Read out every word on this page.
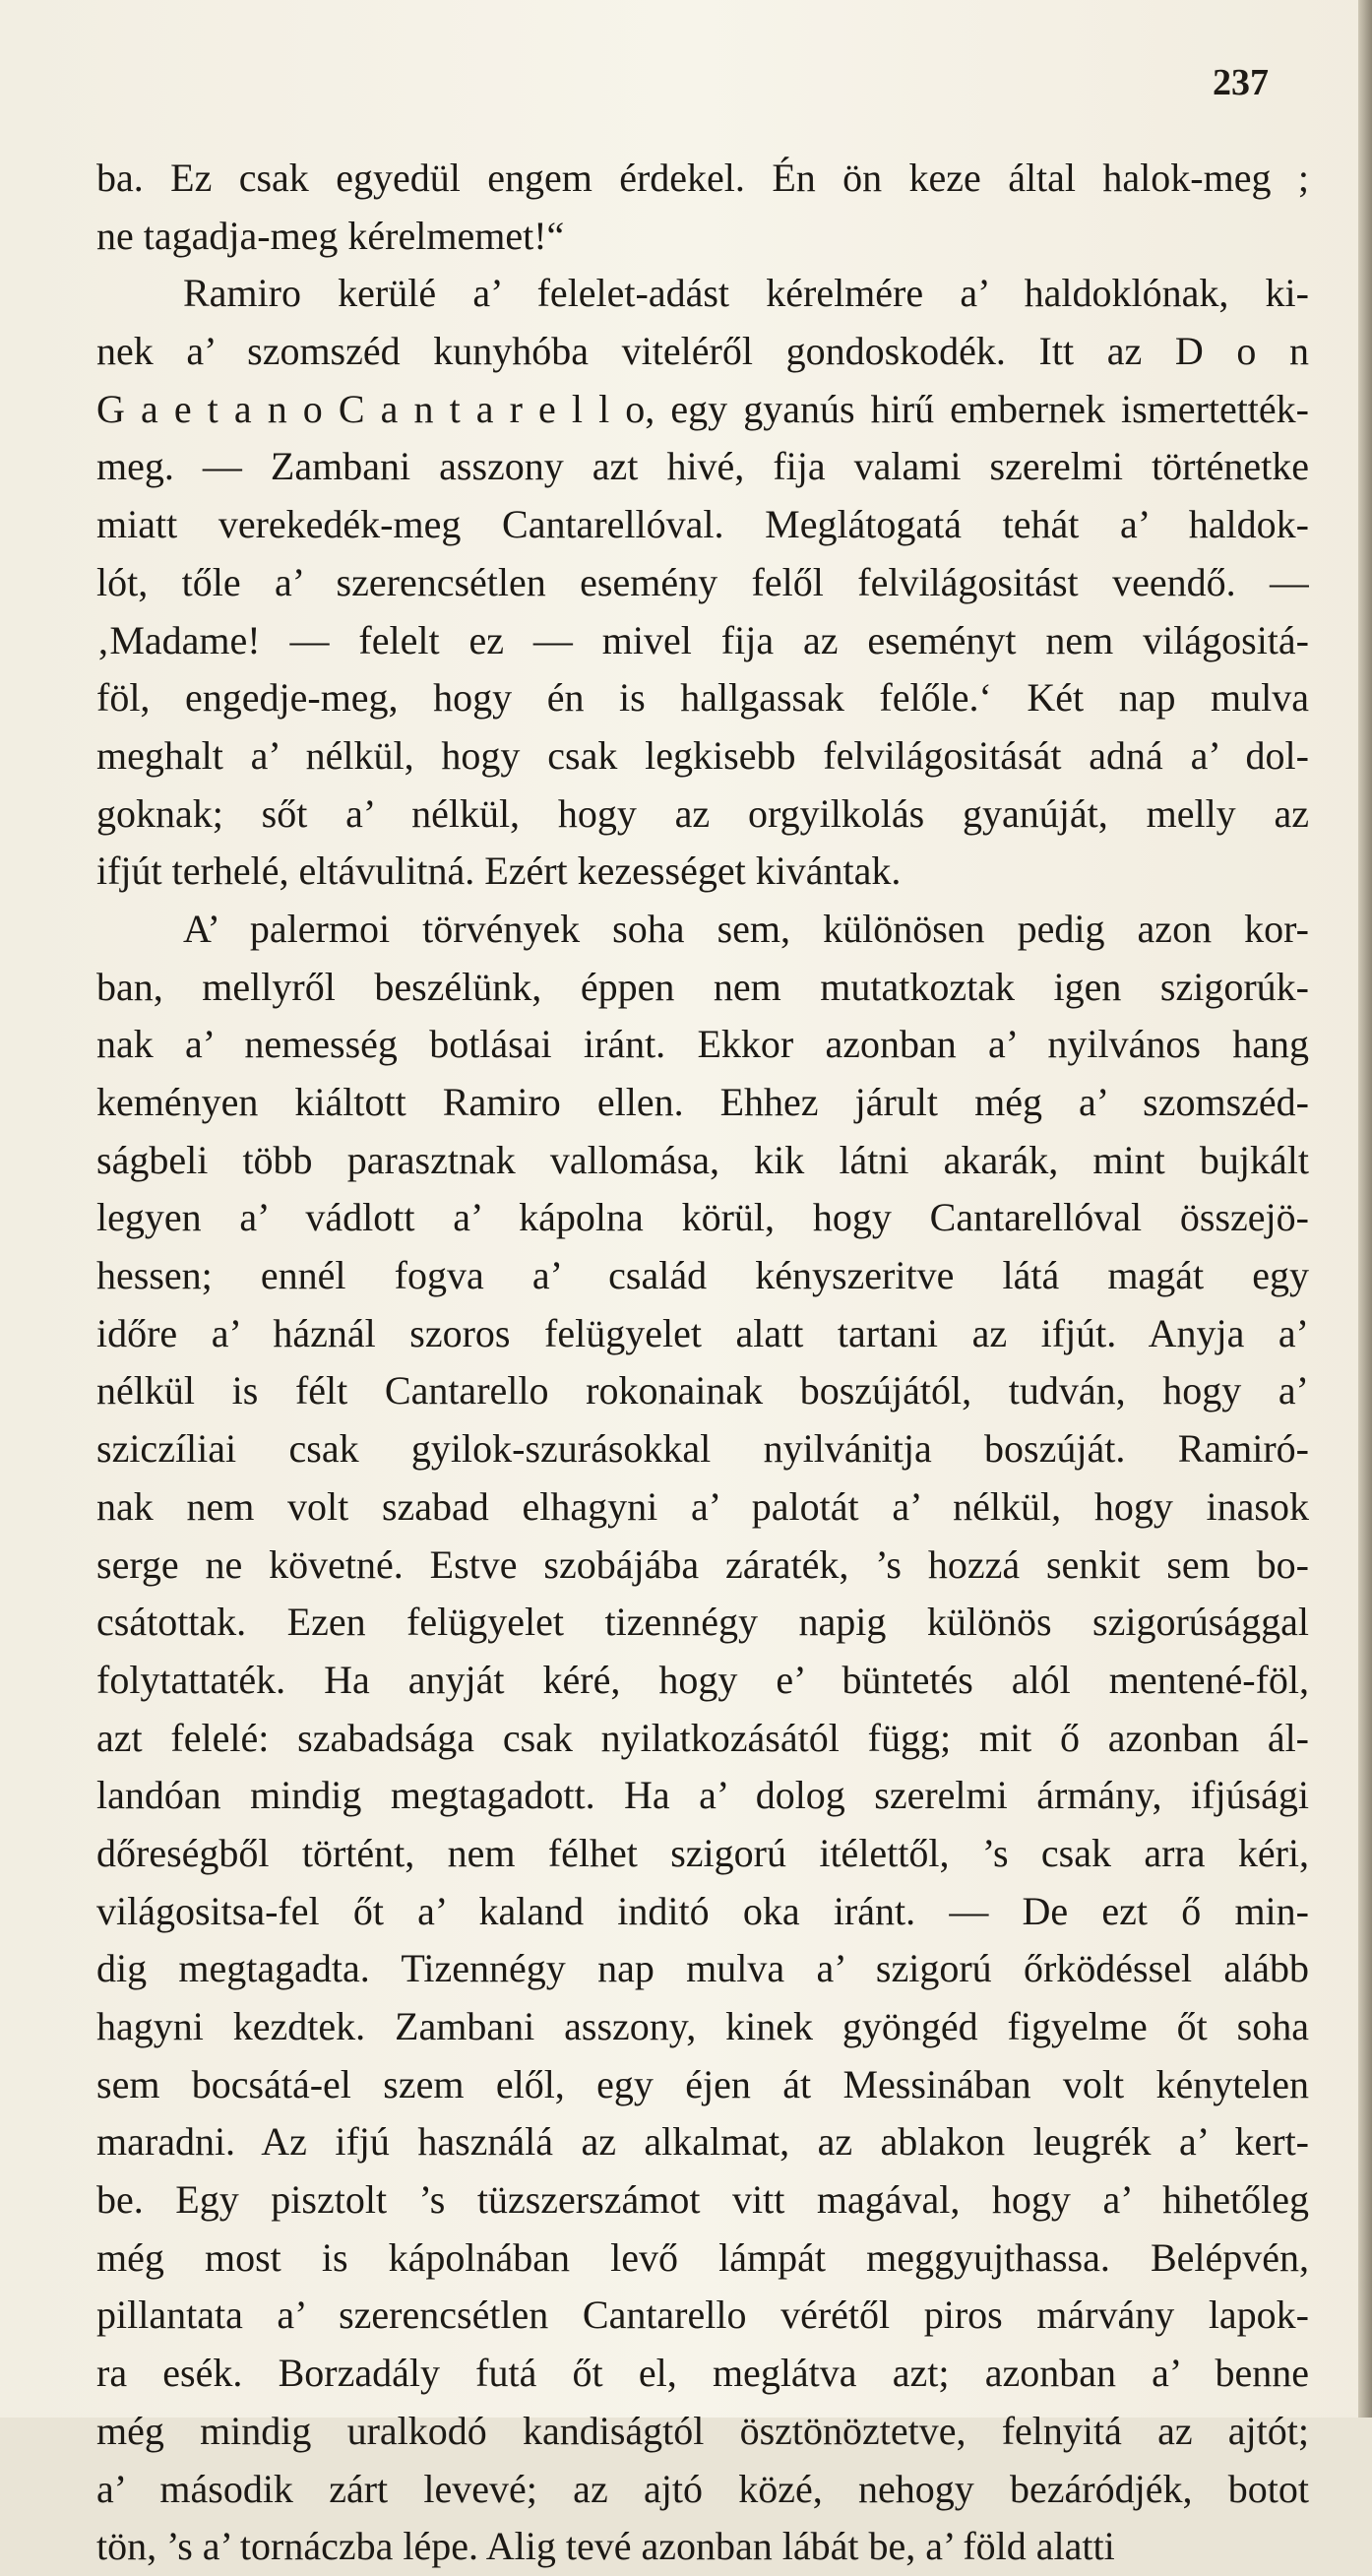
237
ba. Ez csak egyedül engem érdekel. Én ön keze által halok-meg ;
ne tagadja-meg kérelmemet!“
Ramiro kerülé a’ felelet-adást kérelmére a’ haldoklónak, ki-
nek a’ szomszéd kunyhóba viteléről gondoskodék. Itt az D o n
G a e t a n o C a n t a r e l l o, egy gyanús hirű embernek ismertették-
meg. — Zambani asszony azt hivé, fija valami szerelmi történetke
miatt verekedék-meg Cantarellóval. Meglátogatá tehát a’ haldok-
lót, tőle a’ szerencsétlen esemény felől felvilágositást veendő. —
‚Madame! — felelt ez — mivel fija az eseményt nem világositá-
föl, engedje-meg, hogy én is hallgassak felőle.‘ Két nap mulva
meghalt a’ nélkül, hogy csak legkisebb felvilágositását adná a’ dol-
goknak; sőt a’ nélkül, hogy az orgyilkolás gyanúját, melly az
ifjút terhelé, eltávulitná. Ezért kezességet kivántak.
A’ palermoi törvények soha sem, különösen pedig azon kor-
ban, mellyről beszélünk, éppen nem mutatkoztak igen szigorúk-
nak a’ nemesség botlásai iránt. Ekkor azonban a’ nyilvános hang
keményen kiáltott Ramiro ellen. Ehhez járult még a’ szomszéd-
ságbeli több parasztnak vallomása, kik látni akarák, mint bujkált
legyen a’ vádlott a’ kápolna körül, hogy Cantarellóval összejö-
hessen; ennél fogva a’ család kényszeritve látá magát egy
időre a’ háznál szoros felügyelet alatt tartani az ifjút. Anyja a’
nélkül is félt Cantarello rokonainak boszújától, tudván, hogy a’
sziczíliai csak gyilok-szurásokkal nyilvánitja boszúját. Ramiró-
nak nem volt szabad elhagyni a’ palotát a’ nélkül, hogy inasok
serge ne követné. Estve szobájába záraték, ’s hozzá senkit sem bo-
csátottak. Ezen felügyelet tizennégy napig különös szigorúsággal
folytattaték. Ha anyját kéré, hogy e’ büntetés alól mentené-föl,
azt felelé: szabadsága csak nyilatkozásától függ; mit ő azonban ál-
landóan mindig megtagadott. Ha a’ dolog szerelmi ármány, ifjúsági
dőreségből történt, nem félhet szigorú itélettől, ’s csak arra kéri,
világositsa-fel őt a’ kaland inditó oka iránt. — De ezt ő min-
dig megtagadta. Tizennégy nap mulva a’ szigorú őrködéssel alább
hagyni kezdtek. Zambani asszony, kinek gyöngéd figyelme őt soha
sem bocsátá-el szem elől, egy éjen át Messinában volt kénytelen
maradni. Az ifjú használá az alkalmat, az ablakon leugrék a’ kert-
be. Egy pisztolt ’s tüzszerszámot vitt magával, hogy a’ hihetőleg
még most is kápolnában levő lámpát meggyujthassa. Belépvén,
pillantata a’ szerencsétlen Cantarello vérétől piros márvány lapok-
ra esék. Borzadály futá őt el, meglátva azt; azonban a’ benne
még mindig uralkodó kandiságtól ösztönöztetve, felnyitá az ajtót;
a’ második zárt levevé; az ajtó közé, nehogy bezáródjék, botot
tön, ’s a’ tornáczba lépe. Alig tevé azonban lábát be, a’ föld alatti
